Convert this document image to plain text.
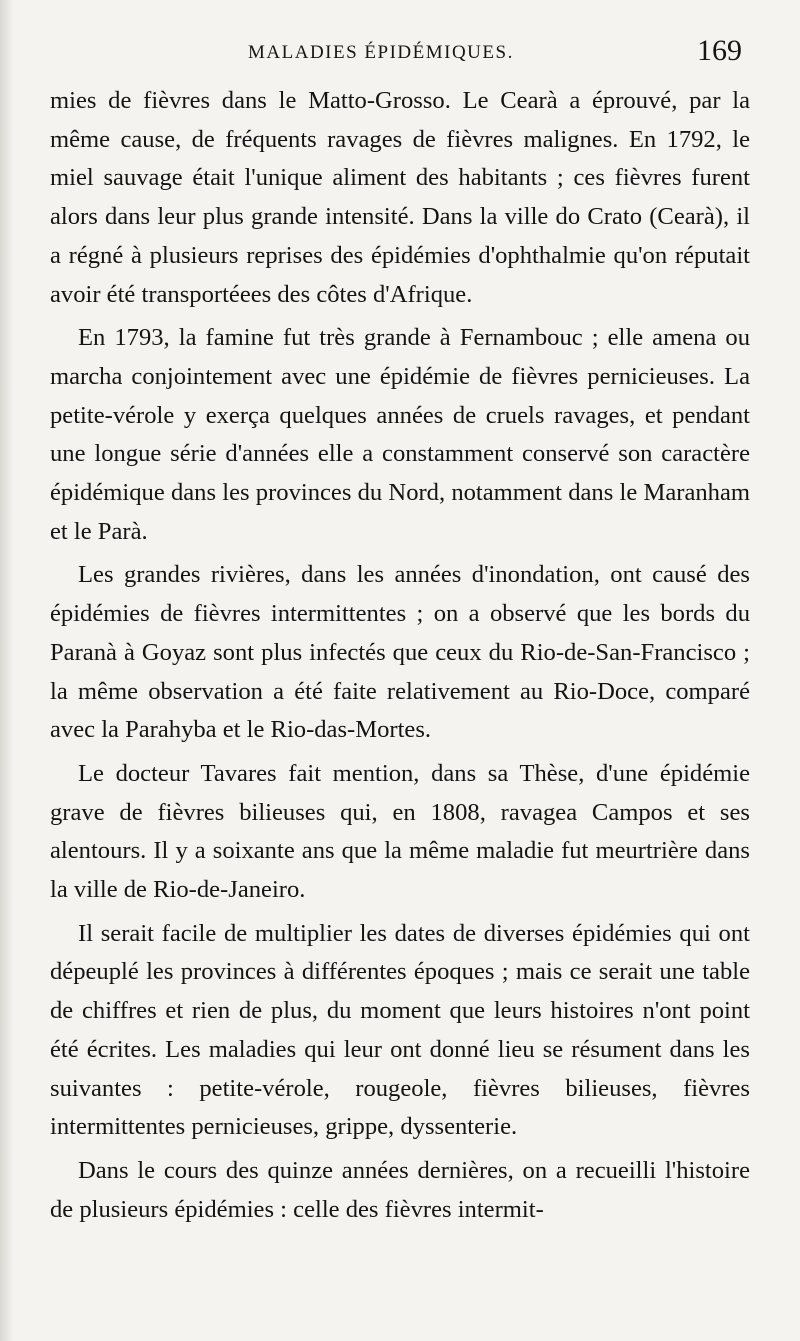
MALADIES ÉPIDÉMIQUES.	169

mies de fièvres dans le Matto-Grosso. Le Cearà a éprouvé, par la même cause, de fréquents ravages de fièvres malignes. En 1792, le miel sauvage était l'unique aliment des habitants ; ces fièvres furent alors dans leur plus grande intensité. Dans la ville do Crato (Cearà), il a régné à plusieurs reprises des épidémies d'ophthalmie qu'on réputait avoir été transportéees des côtes d'Afrique.

En 1793, la famine fut très grande à Fernambouc ; elle amena ou marcha conjointement avec une épidémie de fièvres pernicieuses. La petite-vérole y exerça quelques années de cruels ravages, et pendant une longue série d'années elle a constamment conservé son caractère épidémique dans les provinces du Nord, notamment dans le Maranham et le Parà.

Les grandes rivières, dans les années d'inondation, ont causé des épidémies de fièvres intermittentes ; on a observé que les bords du Paranà à Goyaz sont plus infectés que ceux du Rio-de-San-Francisco ; la même observation a été faite relativement au Rio-Doce, comparé avec la Parahyba et le Rio-das-Mortes.

Le docteur Tavares fait mention, dans sa Thèse, d'une épidémie grave de fièvres bilieuses qui, en 1808, ravagea Campos et ses alentours. Il y a soixante ans que la même maladie fut meurtrière dans la ville de Rio-de-Janeiro.

Il serait facile de multiplier les dates de diverses épidémies qui ont dépeuplé les provinces à différentes époques ; mais ce serait une table de chiffres et rien de plus, du moment que leurs histoires n'ont point été écrites. Les maladies qui leur ont donné lieu se résument dans les suivantes : petite-vérole, rougeole, fièvres bilieuses, fièvres intermittentes pernicieuses, grippe, dyssenterie.

Dans le cours des quinze années dernières, on a recueilli l'histoire de plusieurs épidémies : celle des fièvres intermit-
